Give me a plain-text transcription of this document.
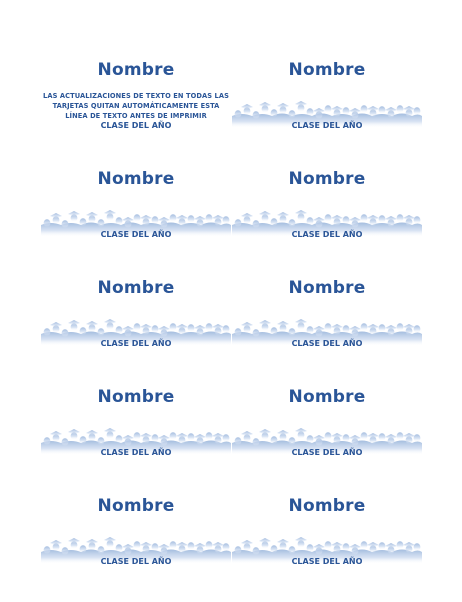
Nombre
LAS ACTUALIZACIONES DE TEXTO EN TODAS LAS TARJETAS QUITAN AUTOMÁTICAMENTE ESTA LÍNEA DE TEXTO ANTES DE IMPRIMIR
CLASE DEL AÑO
Nombre
CLASE DEL AÑO
Nombre
CLASE DEL AÑO
Nombre
CLASE DEL AÑO
Nombre
CLASE DEL AÑO
Nombre
CLASE DEL AÑO
Nombre
CLASE DEL AÑO
Nombre
CLASE DEL AÑO
Nombre
CLASE DEL AÑO
Nombre
CLASE DEL AÑO
